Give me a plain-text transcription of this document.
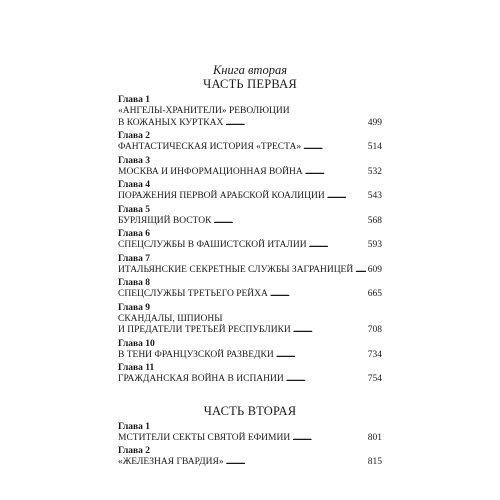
Книга вторая
ЧАСТЬ ПЕРВАЯ
Глава 1
«АНГЕЛЫ-ХРАНИТЕЛИ» РЕВОЛЮЦИИ
В КОЖАНЫХ КУРТКАХ . . .	499
Глава 2
ФАНТАСТИЧЕСКАЯ ИСТОРИЯ «ТРЕСТА» . . .	514
Глава 3
МОСКВА И ИНФОРМАЦИОННАЯ ВОЙНА . . .	532
Глава 4
ПОРАЖЕНИЯ ПЕРВОЙ АРАБСКОЙ КОАЛИЦИИ . . .	543
Глава 5
БУРЛЯЩИЙ ВОСТОК . . .	568
Глава 6
СПЕЦСЛУЖБЫ В ФАШИСТСКОЙ ИТАЛИИ . . .	593
Глава 7
ИТАЛЬЯНСКИЕ СЕКРЕТНЫЕ СЛУЖБЫ ЗАГРАНИЦЕЙ . . . 609
Глава 8
СПЕЦСЛУЖБЫ ТРЕТЬЕГО РЕЙХА . . .	665
Глава 9
СКАНДАЛЫ, ШПИОНЫ
И ПРЕДАТЕЛИ ТРЕТЬЕЙ РЕСПУБЛИКИ . . .	708
Глава 10
В ТЕНИ ФРАНЦУЗСКОЙ РАЗВЕДКИ . . .	734
Глава 11
ГРАЖДАНСКАЯ ВОЙНА В ИСПАНИИ . . .	754
ЧАСТЬ ВТОРАЯ
Глава 1
МСТИТЕЛИ СЕКТЫ СВЯТОЙ ЕФИМИИ . . .	801
Глава 2
«ЖЕЛЕЗНАЯ ГВАРДИЯ» . . .	815
